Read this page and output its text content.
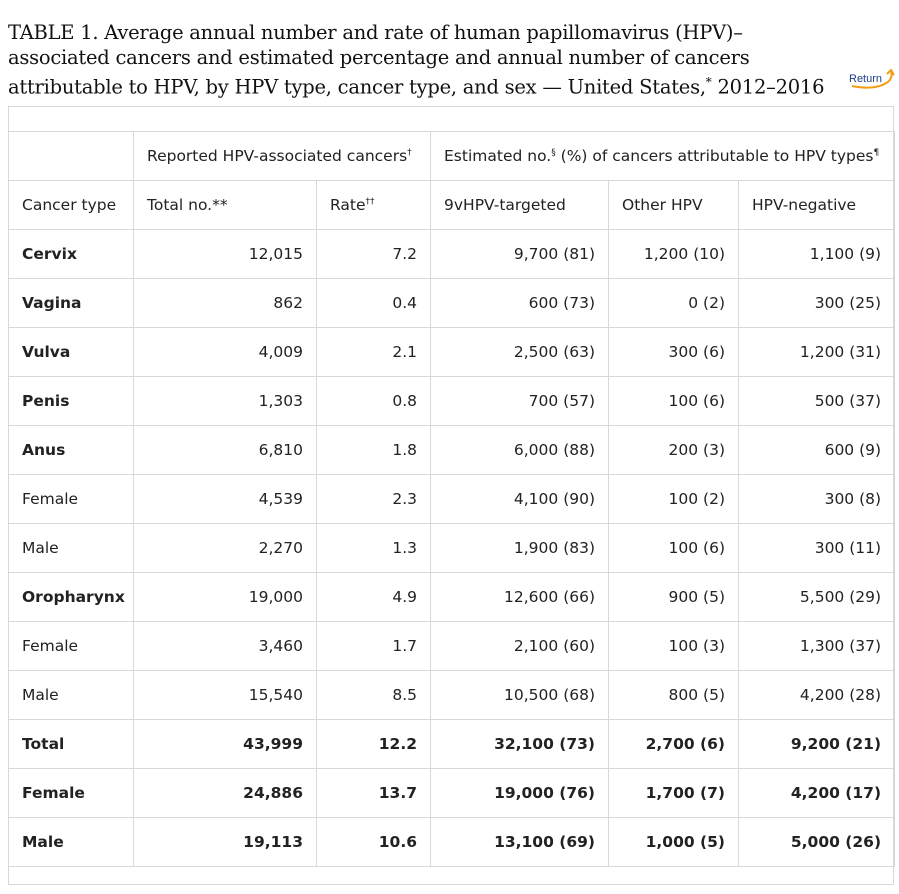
TABLE 1. Average annual number and rate of human papillomavirus (HPV)–associated cancers and estimated percentage and annual number of cancers attributable to HPV, by HPV type, cancer type, and sex — United States,* 2012–2016	Return
	Reported HPV-associated cancers†		Estimated no.§ (%) of cancers attributable to HPV types¶
Cancer type	Total no.**	Rate††	9vHPV-targeted	Other HPV	HPV-negative
Cervix	12,015	7.2	9,700 (81)	1,200 (10)	1,100 (9)
Vagina	862	0.4	600 (73)	0 (2)	300 (25)
Vulva	4,009	2.1	2,500 (63)	300 (6)	1,200 (31)
Penis	1,303	0.8	700 (57)	100 (6)	500 (37)
Anus	6,810	1.8	6,000 (88)	200 (3)	600 (9)
Female	4,539	2.3	4,100 (90)	100 (2)	300 (8)
Male	2,270	1.3	1,900 (83)	100 (6)	300 (11)
Oropharynx	19,000	4.9	12,600 (66)	900 (5)	5,500 (29)
Female	3,460	1.7	2,100 (60)	100 (3)	1,300 (37)
Male	15,540	8.5	10,500 (68)	800 (5)	4,200 (28)
Total	43,999	12.2	32,100 (73)	2,700 (6)	9,200 (21)
Female	24,886	13.7	19,000 (76)	1,700 (7)	4,200 (17)
Male	19,113	10.6	13,100 (69)	1,000 (5)	5,000 (26)
